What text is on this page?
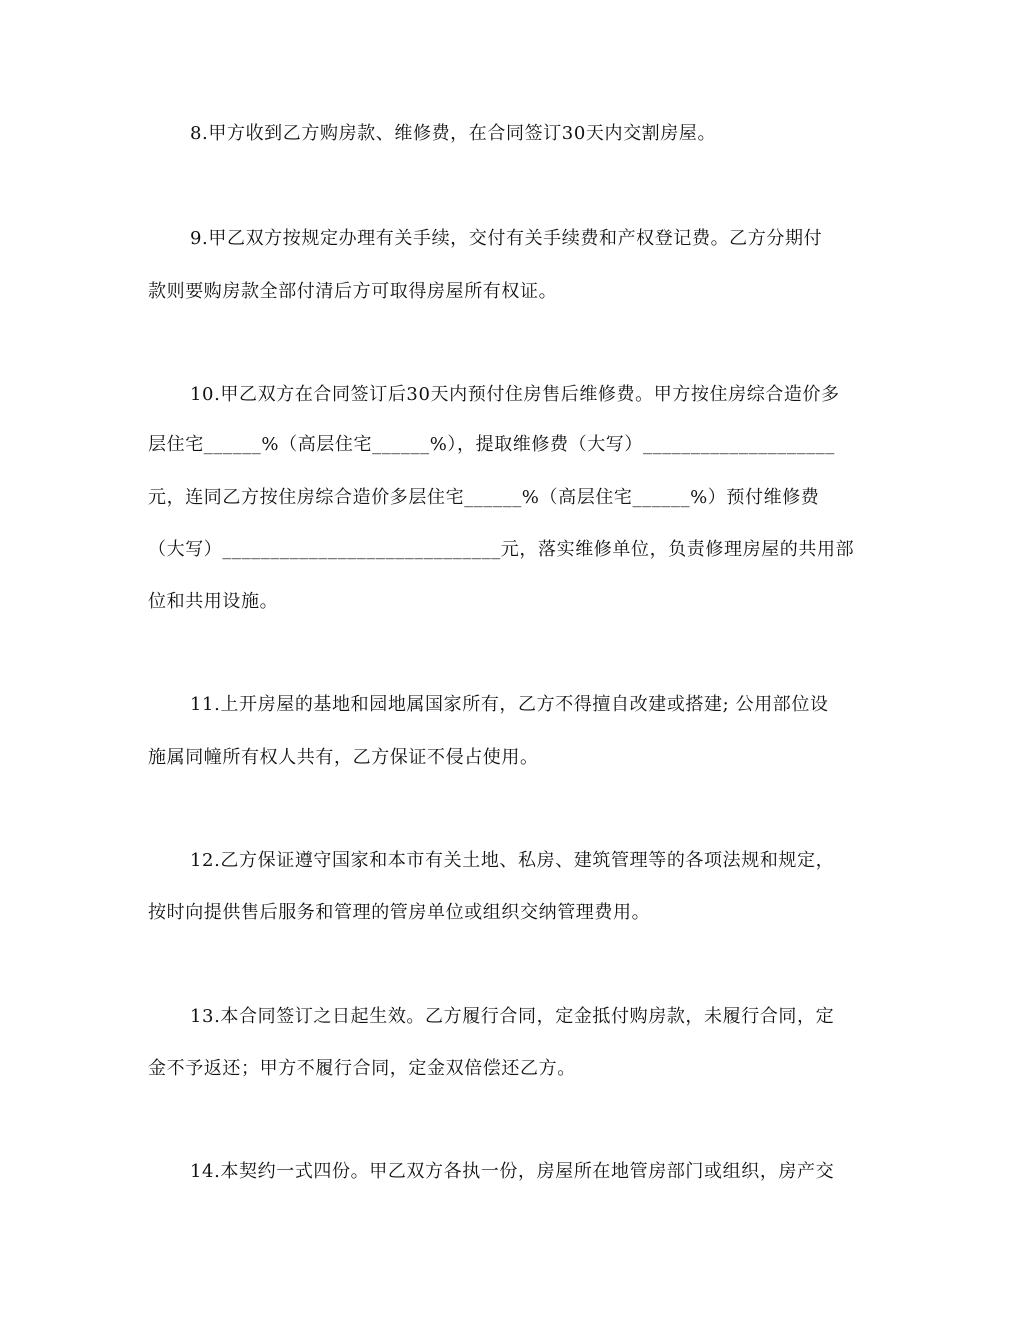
8.甲方收到乙方购房款、维修费，在合同签订30天内交割房屋。
9.甲乙双方按规定办理有关手续，交付有关手续费和产权登记费。乙方分期付
款则要购房款全部付清后方可取得房屋所有权证。
10.甲乙双方在合同签订后30天内预付住房售后维修费。甲方按住房综合造价多
层住宅______%（高层住宅______%），提取维修费（大写）____________________
元，连同乙方按住房综合造价多层住宅______%（高层住宅______%）预付维修费
（大写）_____________________________元，落实维修单位，负责修理房屋的共用部
位和共用设施。
11.上开房屋的基地和园地属国家所有，乙方不得擅自改建或搭建; 公用部位设
施属同幢所有权人共有，乙方保证不侵占使用。
12.乙方保证遵守国家和本市有关土地、私房、建筑管理等的各项法规和规定，
按时向提供售后服务和管理的管房单位或组织交纳管理费用。
13.本合同签订之日起生效。乙方履行合同，定金抵付购房款，未履行合同，定
金不予返还；甲方不履行合同，定金双倍偿还乙方。
14.本契约一式四份。甲乙双方各执一份，房屋所在地管房部门或组织，房产交
